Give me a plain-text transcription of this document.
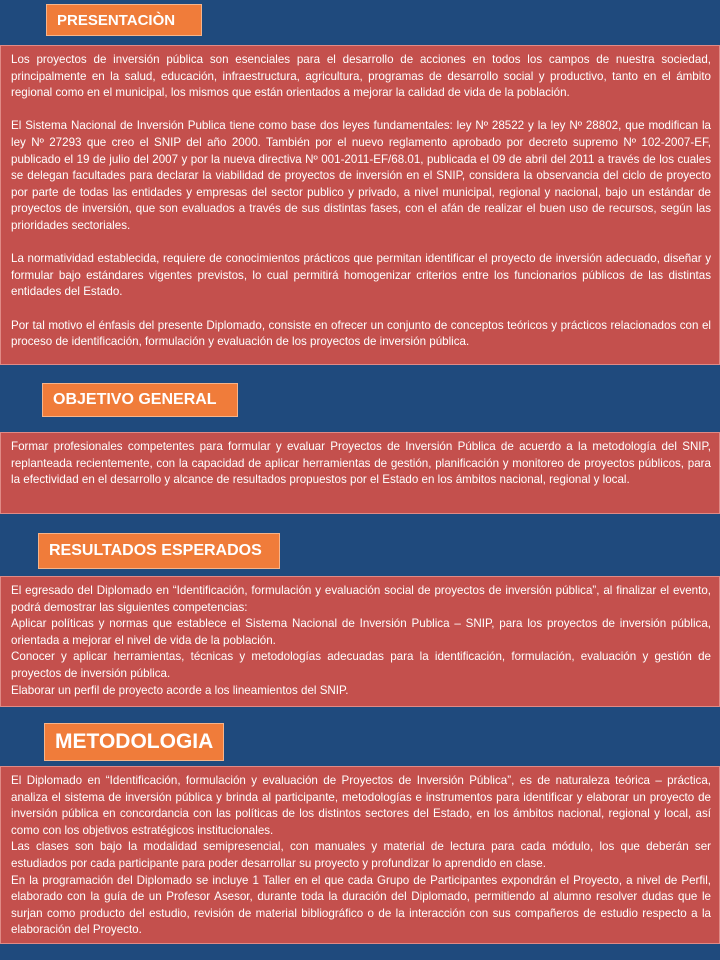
PRESENTACIÒN

Los proyectos de inversión pública son esenciales para el desarrollo de acciones en todos los campos de nuestra sociedad, principalmente en la salud, educación, infraestructura, agricultura, programas de desarrollo social y productivo, tanto en el ámbito regional como en el municipal, los mismos que están orientados a mejorar la calidad de vida de la población.

El Sistema Nacional de Inversión Publica tiene como base dos leyes fundamentales: ley Nº 28522 y la ley Nº 28802, que modifican la ley Nº 27293 que creo el SNIP del año 2000. También por el nuevo reglamento aprobado por decreto supremo Nº 102-2007-EF, publicado el 19 de julio del 2007 y por la nueva directiva Nº 001-2011-EF/68.01, publicada el 09 de abril del 2011 a través de los cuales se delegan facultades para declarar la viabilidad de proyectos de inversión en el SNIP, considera la observancia del ciclo de proyecto por parte de todas las entidades y empresas del sector publico y privado, a nivel municipal, regional y nacional, bajo un estándar de proyectos de inversión, que son evaluados a través de sus distintas fases, con el afán de realizar el buen uso de recursos, según las prioridades sectoriales.

La normatividad establecida, requiere de conocimientos prácticos que permitan identificar el proyecto de inversión adecuado, diseñar y formular bajo estándares vigentes previstos, lo cual permitirá homogenizar criterios entre los funcionarios públicos de las distintas entidades del Estado.

Por tal motivo el énfasis del presente Diplomado, consiste en ofrecer un conjunto de conceptos teóricos y prácticos relacionados con el proceso de identificación, formulación y evaluación de los proyectos de inversión pública.

OBJETIVO GENERAL

Formar profesionales competentes para formular y evaluar Proyectos de Inversión Pública de acuerdo a la metodología del SNIP, replanteada recientemente, con la capacidad de aplicar herramientas de gestión, planificación y monitoreo de proyectos públicos, para la efectividad en el desarrollo y alcance de resultados propuestos por el Estado en los ámbitos nacional, regional y local.

RESULTADOS ESPERADOS

El egresado del Diplomado en “Identificación, formulación y evaluación social de proyectos de inversión pública”, al finalizar el evento, podrá demostrar las siguientes competencias:

Aplicar políticas y normas que establece el Sistema Nacional de Inversión Publica – SNIP, para los proyectos de inversión pública, orientada a mejorar el nivel de vida de la población.

Conocer y aplicar herramientas, técnicas y metodologías adecuadas para la identificación, formulación, evaluación y gestión de proyectos de inversión pública.

Elaborar un perfil de proyecto acorde a los lineamientos del SNIP.

METODOLOGIA

El Diplomado en “Identificación, formulación y evaluación de Proyectos de Inversión Pública”, es de naturaleza teórica – práctica, analiza el sistema de inversión pública y brinda al participante, metodologías e instrumentos para identificar y elaborar un proyecto de inversión pública en concordancia con las políticas de los distintos sectores del Estado, en los ámbitos nacional, regional y local, así como con los objetivos estratégicos institucionales.

Las clases son bajo la modalidad semipresencial, con manuales y material de lectura para cada módulo, los que deberán ser estudiados por cada participante para poder desarrollar su proyecto y profundizar lo aprendido en clase.

En la programación del Diplomado se incluye 1 Taller en el que cada Grupo de Participantes expondrán el Proyecto, a nivel de Perfil, elaborado con la guía de un Profesor Asesor, durante toda la duración del Diplomado, permitiendo al alumno resolver dudas que le surjan como producto del estudio, revisión de material bibliográfico o de la interacción con sus compañeros de estudio respecto a la elaboración del Proyecto.
